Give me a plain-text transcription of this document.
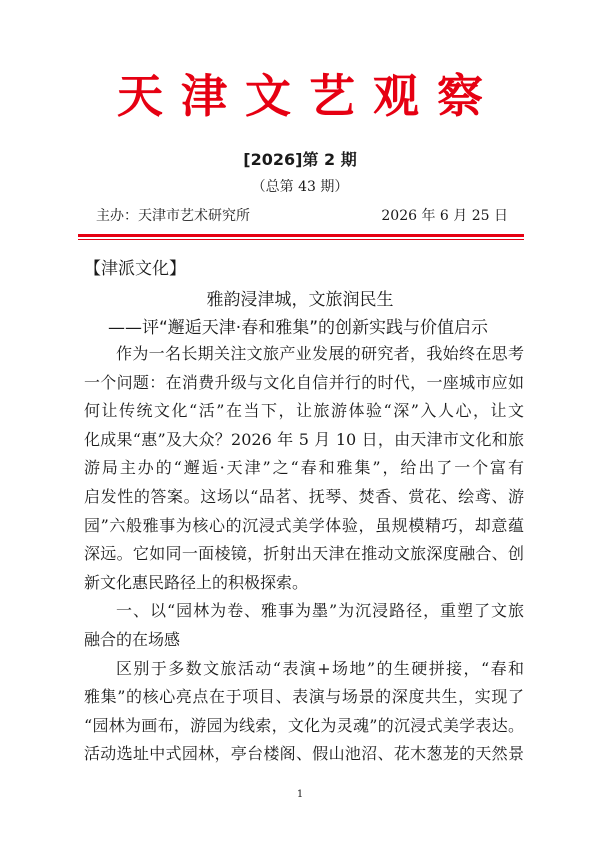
天津文艺观察
[2026]第 2 期
（总第 43 期）
主办：天津市艺术研究所	2026 年 6 月 25 日
【津派文化】
雅韵浸津城，文旅润民生
——评“邂逅天津·春和雅集”的创新实践与价值启示
作为一名长期关注文旅产业发展的研究者，我始终在思考
一个问题：在消费升级与文化自信并行的时代，一座城市应如
何让传统文化“活”在当下，让旅游体验“深”入人心，让文
化成果“惠”及大众？2026 年 5 月 10 日，由天津市文化和旅
游局主办的“邂逅·天津”之“春和雅集”，给出了一个富有
启发性的答案。这场以“品茗、抚琴、焚香、赏花、绘鸢、游
园”六般雅事为核心的沉浸式美学体验，虽规模精巧，却意蕴
深远。它如同一面棱镜，折射出天津在推动文旅深度融合、创
新文化惠民路径上的积极探索。
一、以“园林为卷、雅事为墨”为沉浸路径，重塑了文旅
融合的在场感
区别于多数文旅活动“表演+场地”的生硬拼接，“春和
雅集”的核心亮点在于项目、表演与场景的深度共生，实现了
“园林为画布，游园为线索，文化为灵魂”的沉浸式美学表达。
活动选址中式园林，亭台楼阁、假山池沼、花木葱茏的天然景
1
